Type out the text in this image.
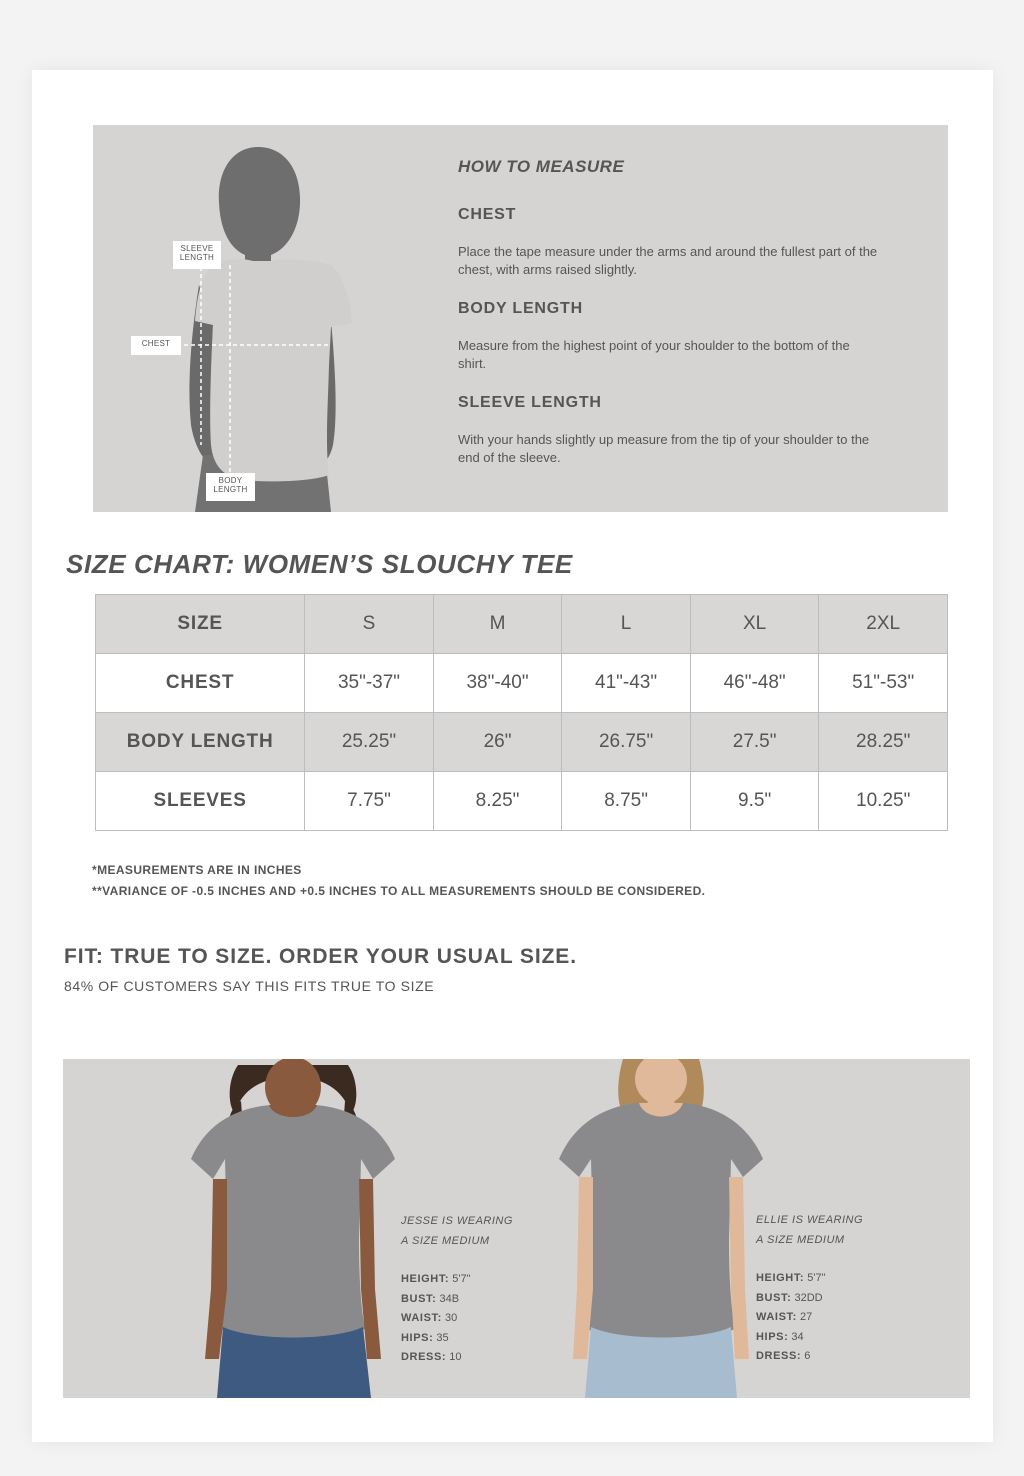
SLEEVE LENGTH
CHEST
BODY LENGTH
HOW TO MEASURE
CHEST
Place the tape measure under the arms and around the fullest part of the chest, with arms raised slightly.
BODY LENGTH
Measure from the highest point of your shoulder to the bottom of the shirt.
SLEEVE LENGTH
With your hands slightly up measure from the tip of your shoulder to the end of the sleeve.
SIZE CHART: WOMEN’S SLOUCHY TEE
SIZE	S	M	L	XL	2XL
CHEST	35"-37"	38"-40"	41"-43"	46"-48"	51"-53"
BODY LENGTH	25.25"	26"	26.75"	27.5"	28.25"
SLEEVES	7.75"	8.25"	8.75"	9.5"	10.25"
*MEASUREMENTS ARE IN INCHES
**VARIANCE OF -0.5 INCHES AND +0.5 INCHES TO ALL MEASUREMENTS SHOULD BE CONSIDERED.
FIT: TRUE TO SIZE. ORDER YOUR USUAL SIZE.
84% OF CUSTOMERS SAY THIS FITS TRUE TO SIZE
JESSE IS WEARING
A SIZE MEDIUM
HEIGHT: 5'7"
BUST: 34B
WAIST: 30
HIPS: 35
DRESS: 10
ELLIE IS WEARING
A SIZE MEDIUM
HEIGHT: 5'7"
BUST: 32DD
WAIST: 27
HIPS: 34
DRESS: 6
